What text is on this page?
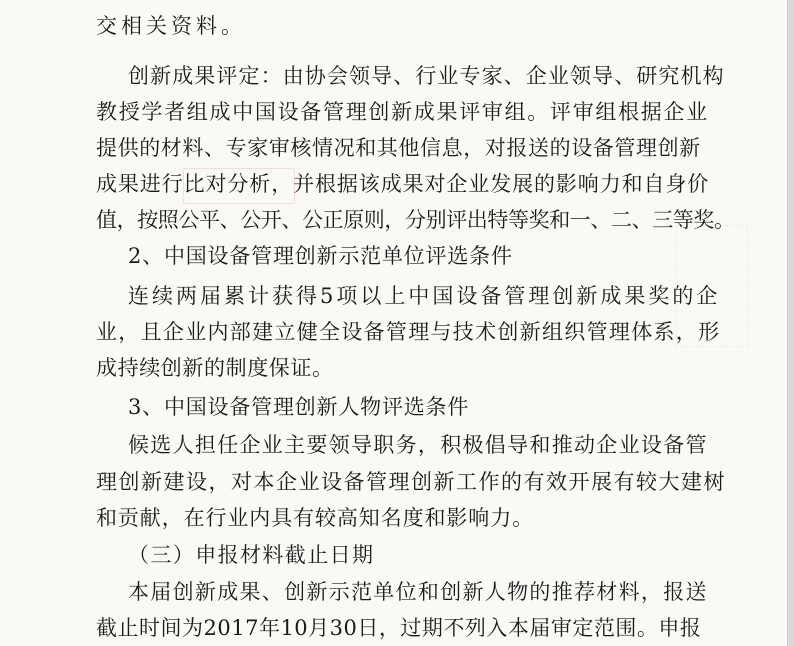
交相关资料。

创新成果评定：由协会领导、行业专家、企业领导、研究机构

教授学者组成中国设备管理创新成果评审组。评审组根据企业

提供的材料、专家审核情况和其他信息，对报送的设备管理创新

成果进行比对分析，并根据该成果对企业发展的影响力和自身价

值，按照公平、公开、公正原则，分别评出特等奖和一、二、三等奖。

2、中国设备管理创新示范单位评选条件

连续两届累计获得5项以上中国设备管理创新成果奖的企

业，且企业内部建立健全设备管理与技术创新组织管理体系，形

成持续创新的制度保证。

3、中国设备管理创新人物评选条件

候选人担任企业主要领导职务，积极倡导和推动企业设备管

理创新建设，对本企业设备管理创新工作的有效开展有较大建树

和贡献，在行业内具有较高知名度和影响力。

（三）申报材料截止日期

本届创新成果、创新示范单位和创新人物的推荐材料，报送

截止时间为2017年10月30日，过期不列入本届审定范围。申报
